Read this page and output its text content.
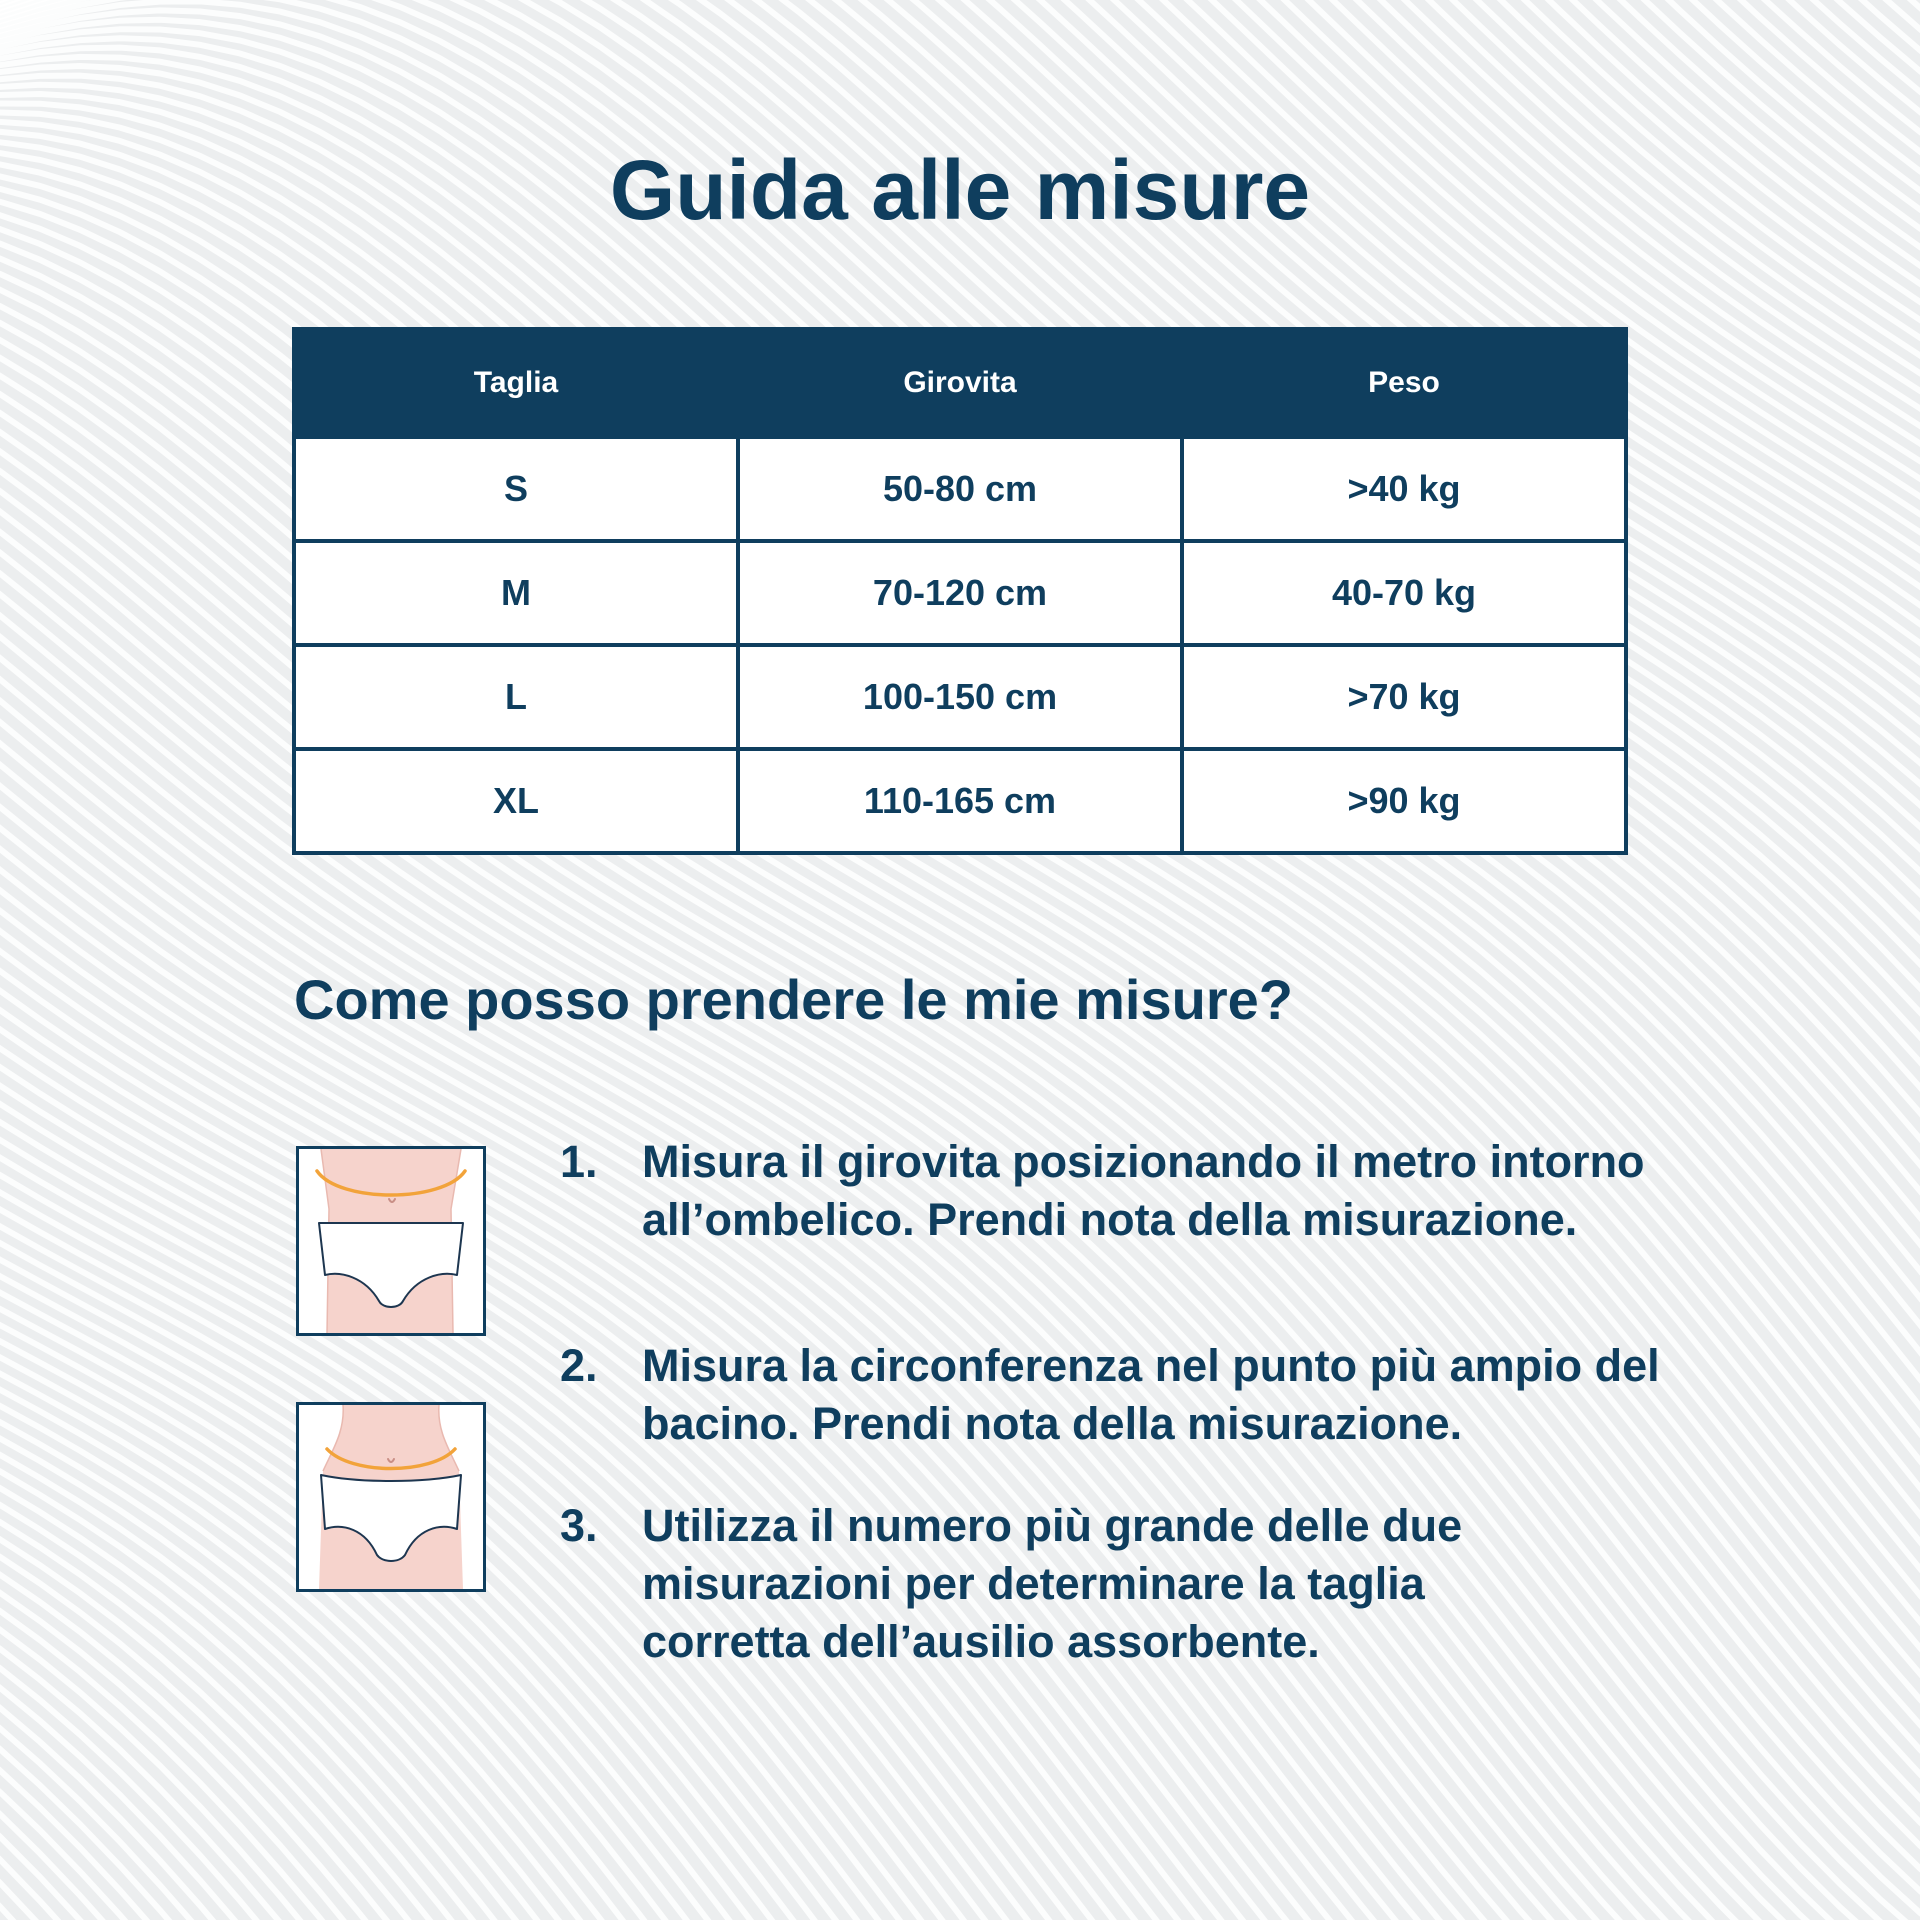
Guida alle misure
Taglia	Girovita	Peso
S	50-80 cm	>40 kg
M	70-120 cm	40-70 kg
L	100-150 cm	>70 kg
XL	110-165 cm	>90 kg
Come posso prendere le mie misure?
1. Misura il girovita posizionando il metro intorno all’ombelico. Prendi nota della misurazione.
2. Misura la circonferenza nel punto più ampio del bacino. Prendi nota della misurazione.
3. Utilizza il numero più grande delle due misurazioni per determinare la taglia corretta dell’ausilio assorbente.
